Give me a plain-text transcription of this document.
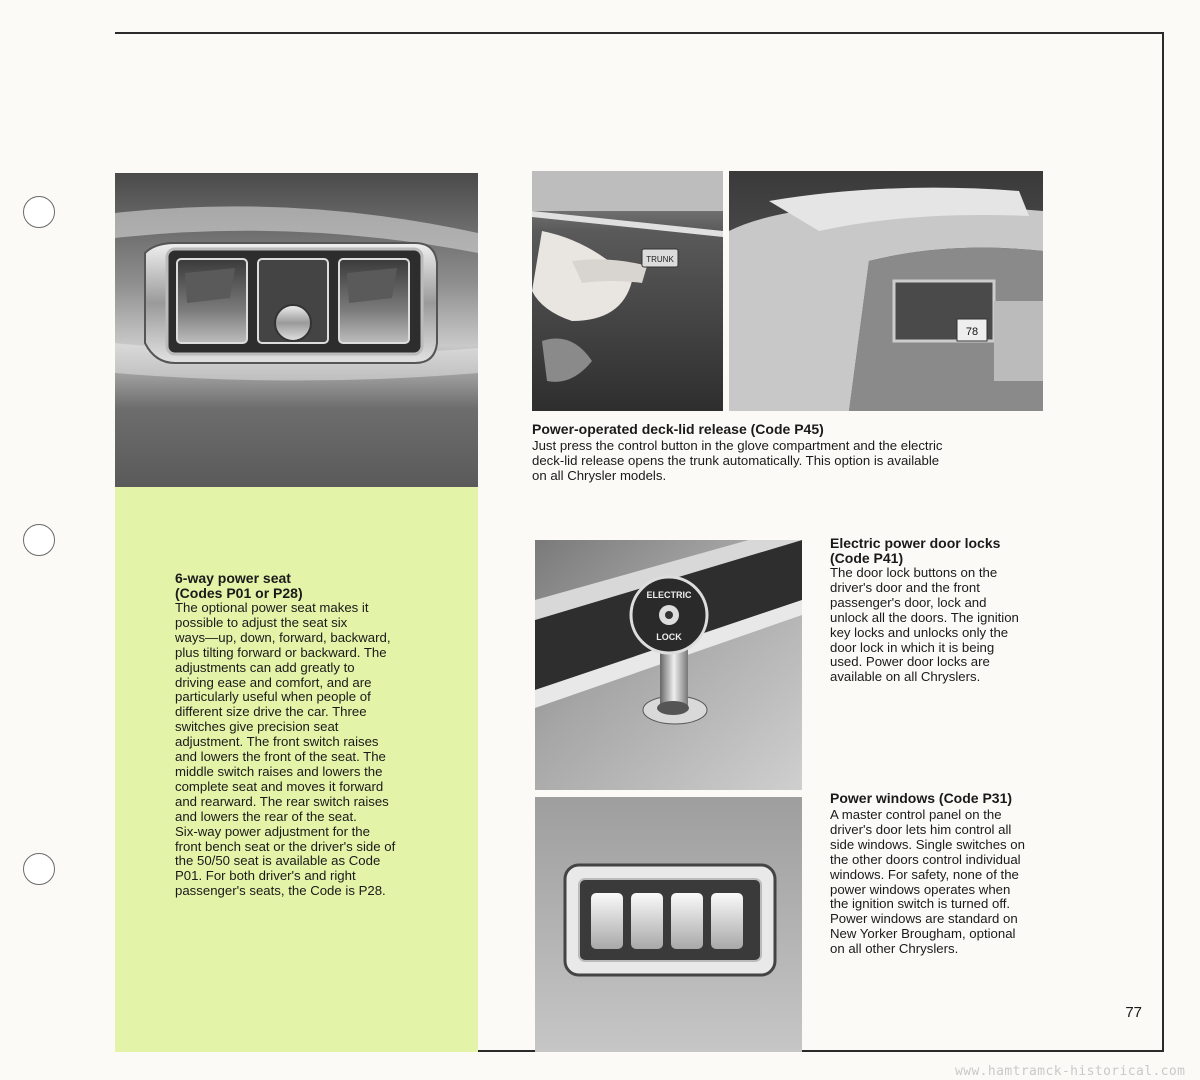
TRUNK
78
ELECTRIC
LOCK

6-way power seat

(Codes P01 or P28)

The optional power seat makes it

possible to adjust the seat six

ways—up, down, forward, backward,

plus tilting forward or backward. The

adjustments can add greatly to

driving ease and comfort, and are

particularly useful when people of

different size drive the car. Three

switches give precision seat

adjustment. The front switch raises

and lowers the front of the seat. The

middle switch raises and lowers the

complete seat and moves it forward

and rearward. The rear switch raises

and lowers the rear of the seat.

Six-way power adjustment for the

front bench seat or the driver's side of

the 50/50 seat is available as Code

P01. For both driver's and right

passenger's seats, the Code is P28.

Power-operated deck-lid release (Code P45)

Just press the control button in the glove compartment and the electric

deck-lid release opens the trunk automatically. This option is available

on all Chrysler models.

Electric power door locks

(Code P41)

The door lock buttons on the

driver's door and the front

passenger's door, lock and

unlock all the doors. The ignition

key locks and unlocks only the

door lock in which it is being

used. Power door locks are

available on all Chryslers.

Power windows (Code P31)

A master control panel on the

driver's door lets him control all

side windows. Single switches on

the other doors control individual

windows. For safety, none of the

power windows operates when

the ignition switch is turned off.

Power windows are standard on

New Yorker Brougham, optional

on all other Chryslers.

77
www.hamtramck-historical.com
